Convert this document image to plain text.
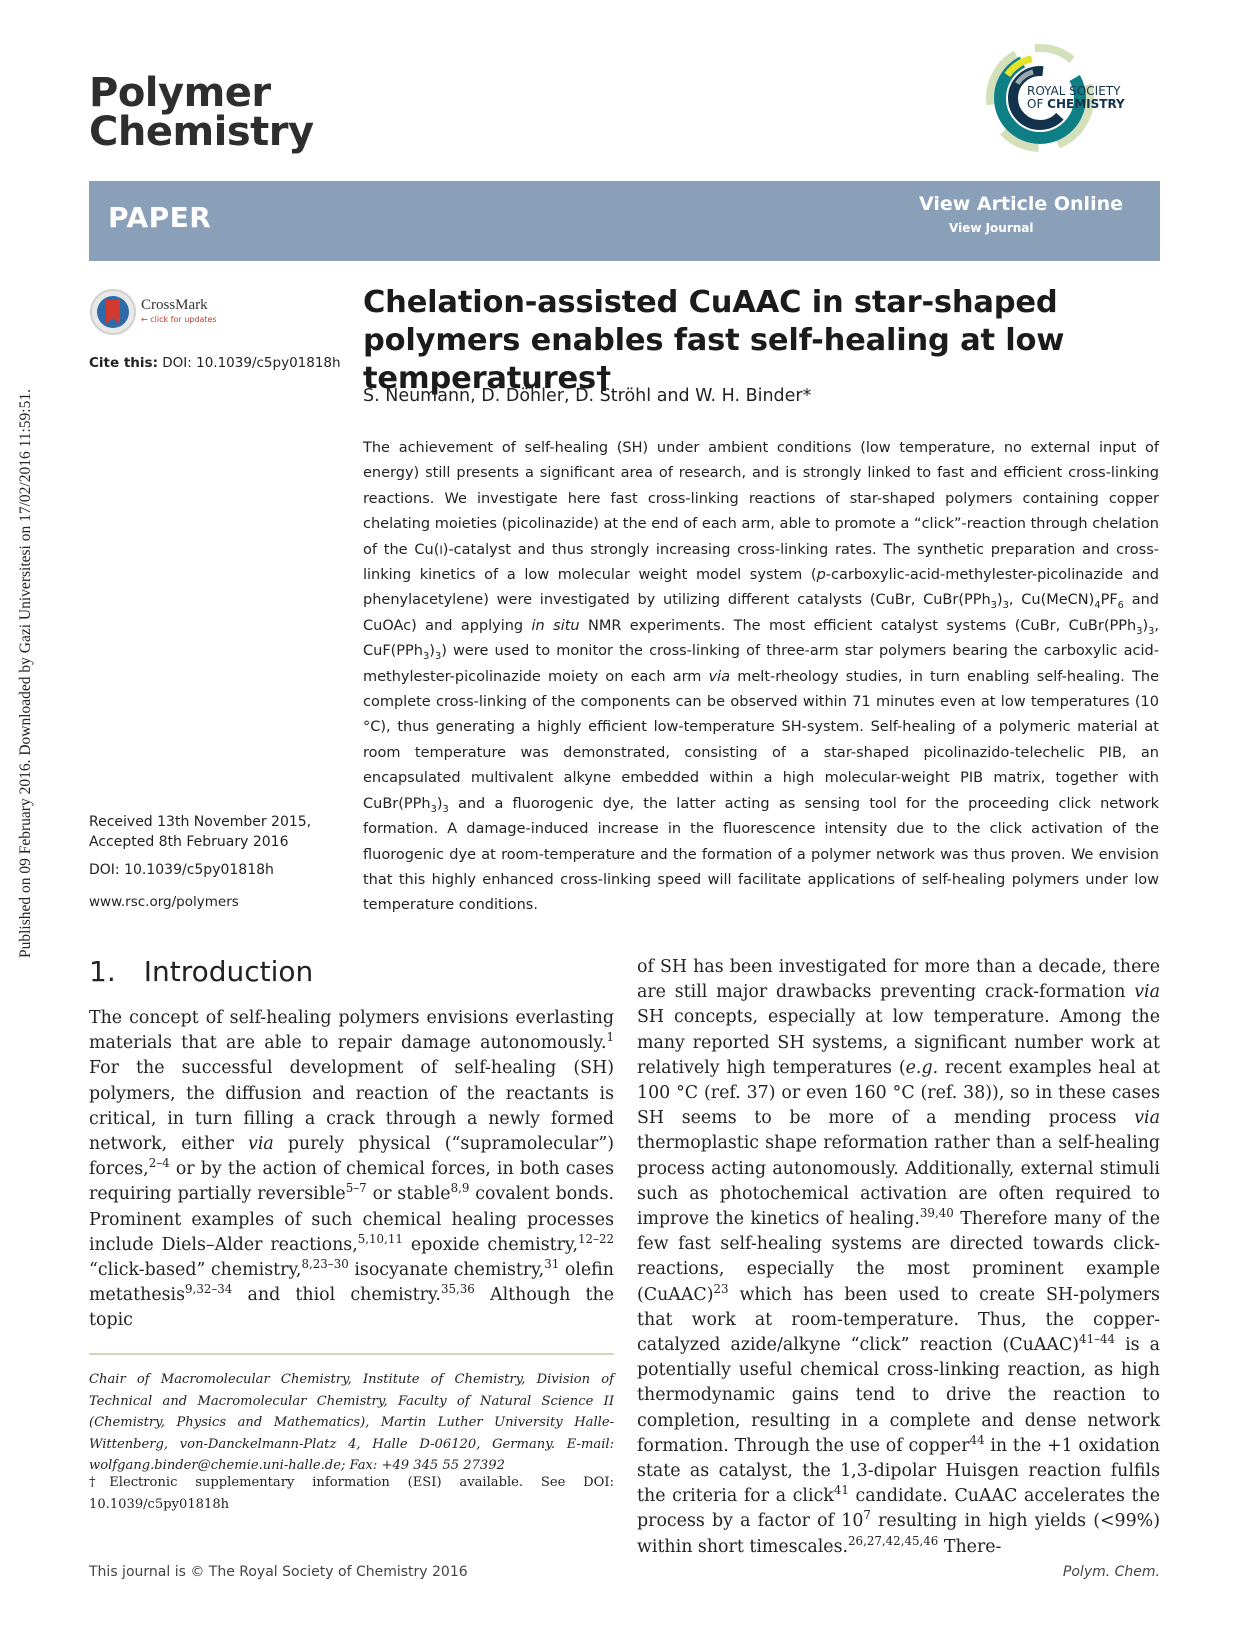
Published on 09 February 2016. Downloaded by Gazi Universitesi on 17/02/2016 11:59:51.
Polymer
Chemistry
ROYAL SOCIETY
OF CHEMISTRY
PAPER	View Article Online
View Journal
CrossMark
← click for updates
Cite this: DOI: 10.1039/c5py01818h
Chelation-assisted CuAAC in star-shaped polymers enables fast self-healing at low temperatures†
S. Neumann, D. Döhler, D. Ströhl and W. H. Binder*
The achievement of self-healing (SH) under ambient conditions (low temperature, no external input of energy) still presents a significant area of research, and is strongly linked to fast and efficient cross-linking reactions. We investigate here fast cross-linking reactions of star-shaped polymers containing copper chelating moieties (picolinazide) at the end of each arm, able to promote a “click”-reaction through chelation of the Cu(I)-catalyst and thus strongly increasing cross-linking rates. The synthetic preparation and cross-linking kinetics of a low molecular weight model system (p-carboxylic-acid-methylester-picolinazide and phenylacetylene) were investigated by utilizing different catalysts (CuBr, $CuBr(PPh_3)_3$, $Cu(MeCN)_4PF_6$ and CuOAc) and applying in situ NMR experiments. The most efficient catalyst systems (CuBr, $CuBr(PPh_3)_3$, $CuF(PPh_3)_3$) were used to monitor the cross-linking of three-arm star polymers bearing the carboxylic acid-methylester-picolinazide moiety on each arm via melt-rheology studies, in turn enabling self-healing. The complete cross-linking of the components can be observed within 71 minutes even at low temperatures (10 °C), thus generating a highly efficient low-temperature SH-system. Self-healing of a polymeric material at room temperature was demonstrated, consisting of a star-shaped picolinazido-telechelic PIB, an encapsulated multivalent alkyne embedded within a high molecular-weight PIB matrix, together with $CuBr(PPh_3)_3$ and a fluorogenic dye, the latter acting as sensing tool for the proceeding click network formation. A damage-induced increase in the fluorescence intensity due to the click activation of the fluorogenic dye at room-temperature and the formation of a polymer network was thus proven. We envision that this highly enhanced cross-linking speed will facilitate applications of self-healing polymers under low temperature conditions.
Received 13th November 2015,
Accepted 8th February 2016
DOI: 10.1039/c5py01818h
www.rsc.org/polymers
1. Introduction
The concept of self-healing polymers envisions everlasting materials that are able to repair damage autonomously.$^1$ For the successful development of self-healing (SH) polymers, the diffusion and reaction of the reactants is critical, in turn filling a crack through a newly formed network, either via purely physical (“supramolecular”) forces,$^{2-4}$ or by the action of chemical forces, in both cases requiring partially reversible$^{5-7}$ or stable$^{8,9}$ covalent bonds. Prominent examples of such chemical healing processes include Diels–Alder reactions,$^{5,10,11}$ epoxide chemistry,$^{12-22}$ “click-based” chemistry,$^{8,23-30}$ isocyanate chemistry,$^{31}$ olefin metathesis$^{9,32-34}$ and thiol chemistry.$^{35,36}$ Although the topic
of SH has been investigated for more than a decade, there are still major drawbacks preventing crack-formation via SH concepts, especially at low temperature. Among the many reported SH systems, a significant number work at relatively high temperatures (e.g. recent examples heal at 100 °C (ref. 37) or even 160 °C (ref. 38)), so in these cases SH seems to be more of a mending process via thermoplastic shape reformation rather than a self-healing process acting autonomously. Additionally, external stimuli such as photochemical activation are often required to improve the kinetics of healing.$^{39,40}$ Therefore many of the few fast self-healing systems are directed towards click-reactions, especially the most prominent example (CuAAC)$^{23}$ which has been used to create SH-polymers that work at room-temperature. Thus, the copper-catalyzed azide/alkyne “click” reaction (CuAAC)$^{41-44}$ is a potentially useful chemical cross-linking reaction, as high thermodynamic gains tend to drive the reaction to completion, resulting in a complete and dense network formation. Through the use of copper$^{44}$ in the +1 oxidation state as catalyst, the 1,3-dipolar Huisgen reaction fulfils the criteria for a click$^{41}$ candidate. CuAAC accelerates the process by a factor of $10^7$ resulting in high yields (<99%) within short timescales.$^{26,27,42,45,46}$ There-
Chair of Macromolecular Chemistry, Institute of Chemistry, Division of Technical and Macromolecular Chemistry, Faculty of Natural Science II (Chemistry, Physics and Mathematics), Martin Luther University Halle-Wittenberg, von-Danckelmann-Platz 4, Halle D-06120, Germany. E-mail: wolfgang.binder@chemie.uni-halle.de; Fax: +49 345 55 27392
†Electronic supplementary information (ESI) available. See DOI: 10.1039/c5py01818h
This journal is © The Royal Society of Chemistry 2016	Polym. Chem.
